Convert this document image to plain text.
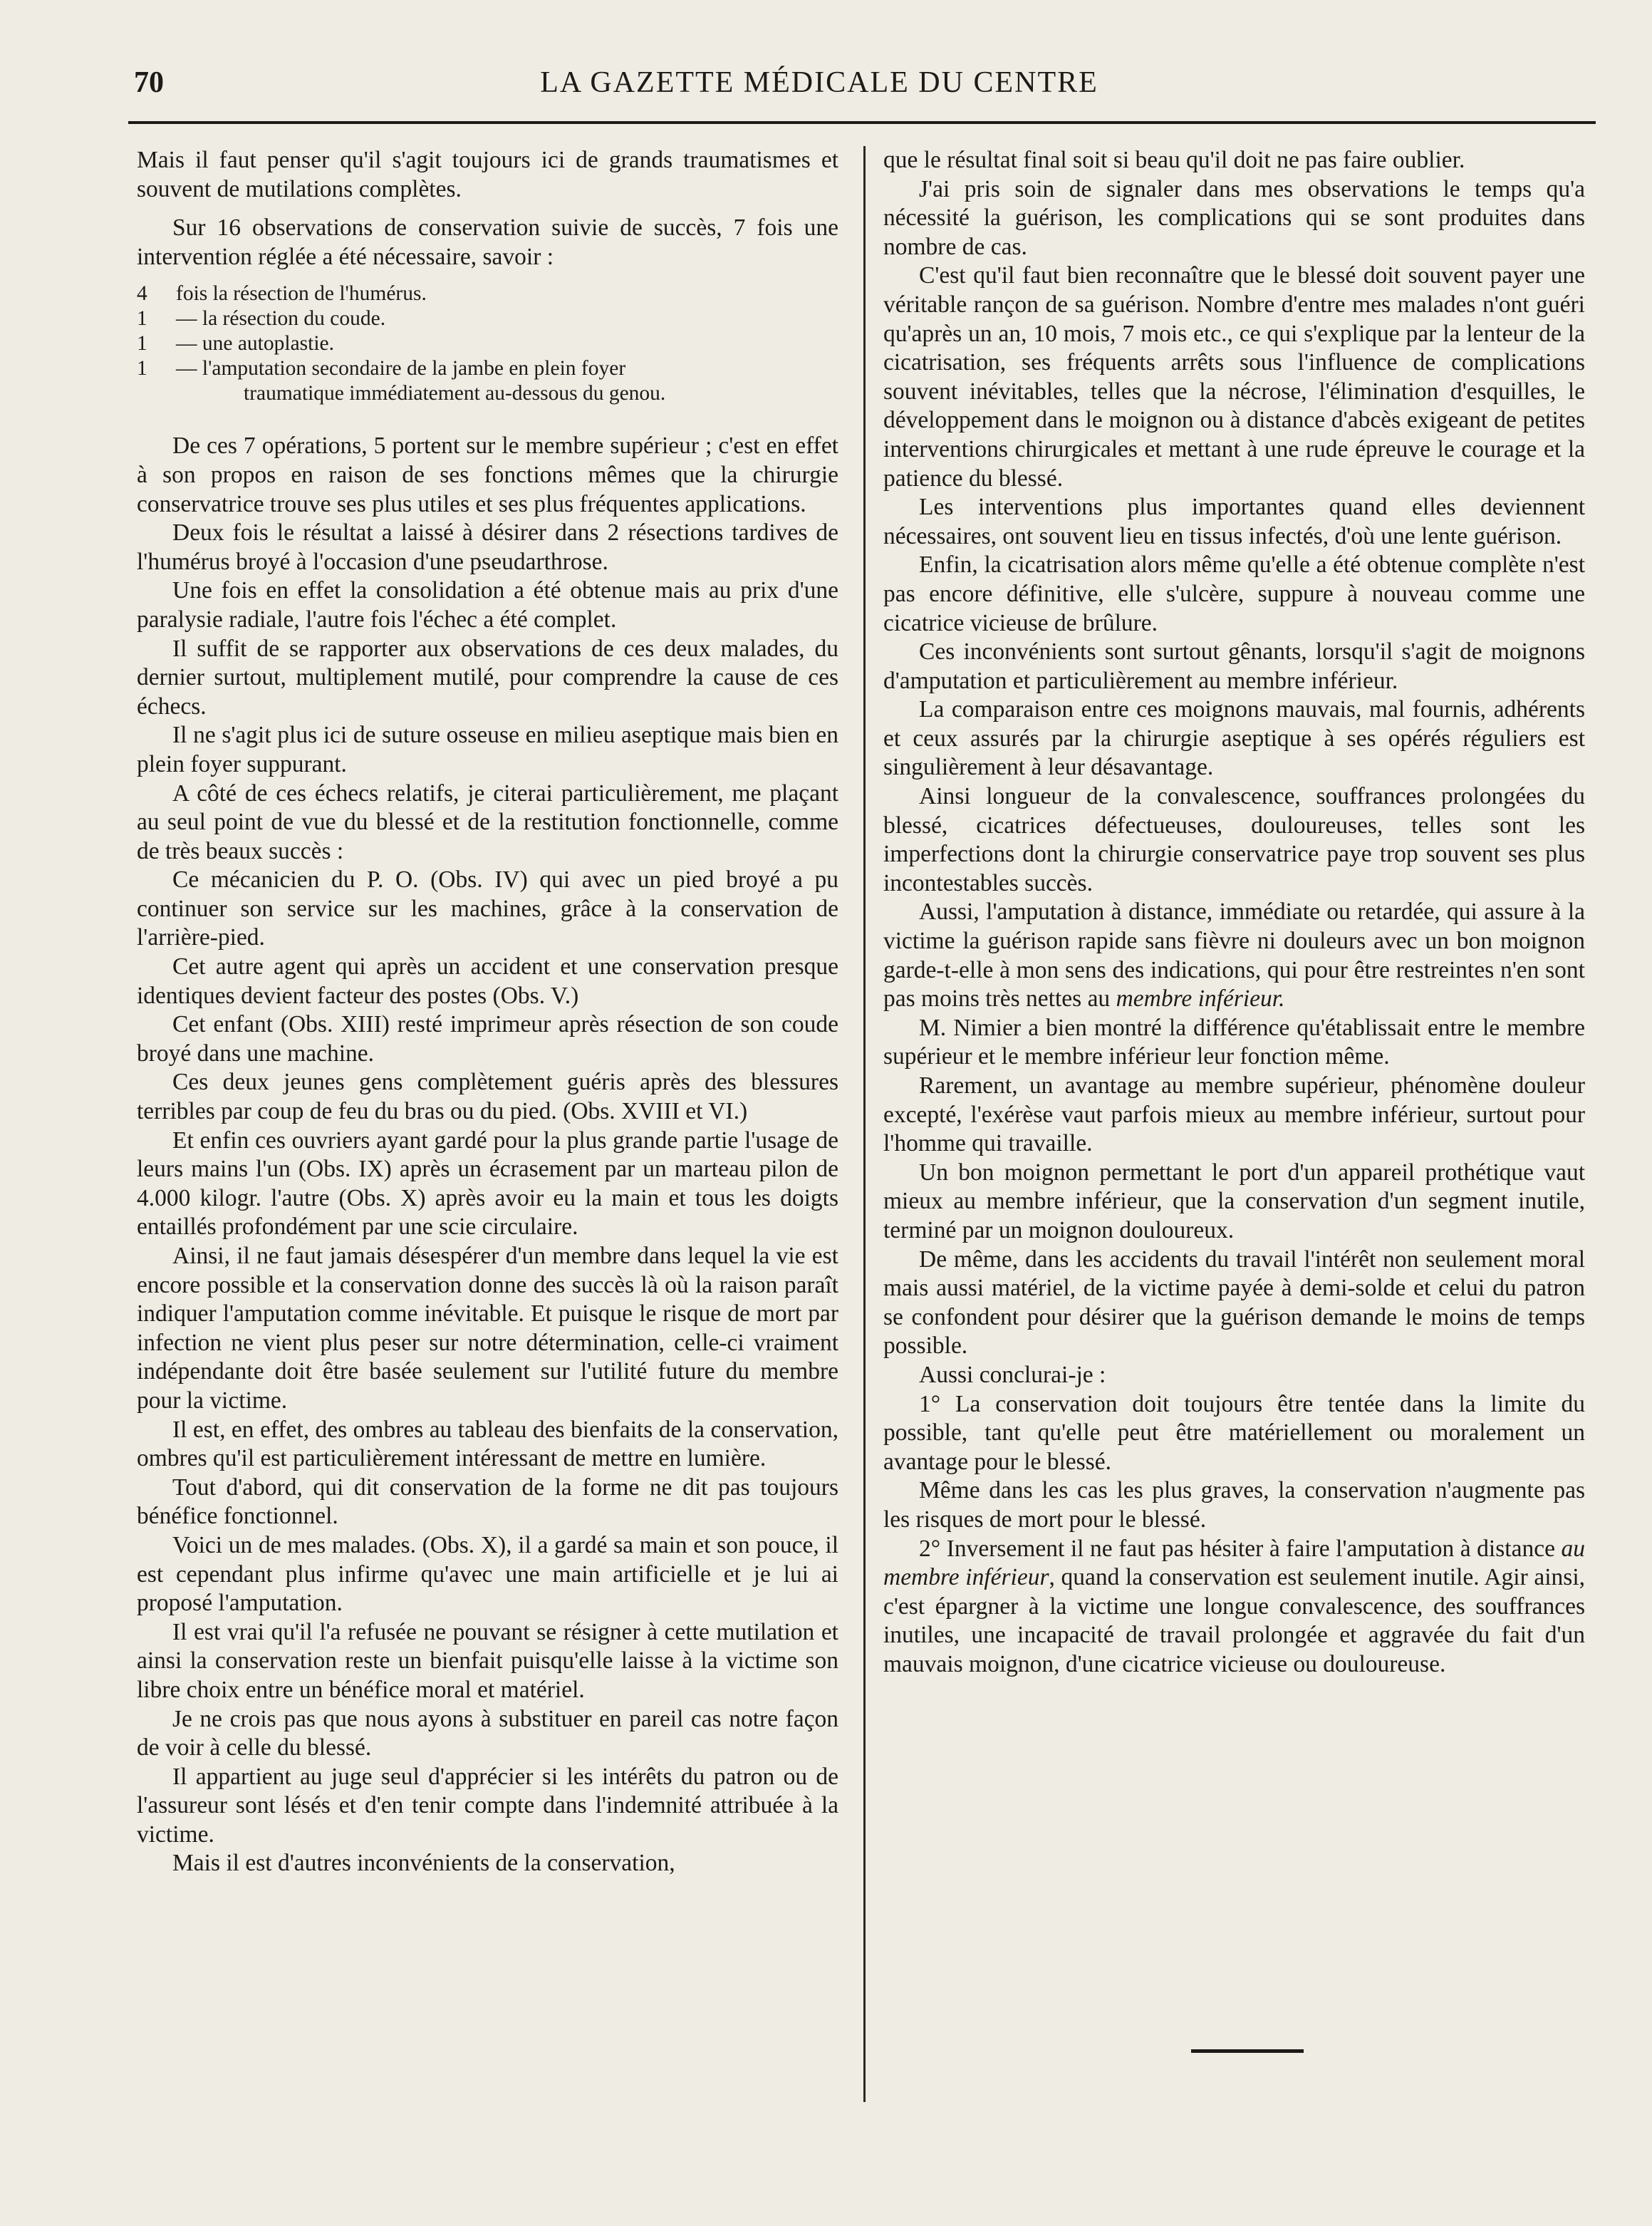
70	LA GAZETTE MÉDICALE DU CENTRE

Mais il faut penser qu'il s'agit toujours ici de grands traumatismes et souvent de mutilations complètes.

Sur 16 observations de conservation suivie de succès, 7 fois une intervention réglée a été nécessaire, savoir :

4	fois la résection de l'humérus.
1	— la résection du coude.
1	— une autoplastie.
1	— l'amputation secondaire de la jambe en plein foyer
traumatique immédiatement au-dessous du genou.

De ces 7 opérations, 5 portent sur le membre supérieur ; c'est en effet à son propos en raison de ses fonctions mêmes que la chirurgie conservatrice trouve ses plus utiles et ses plus fréquentes applications.

Deux fois le résultat a laissé à désirer dans 2 résections tardives de l'humérus broyé à l'occasion d'une pseudarthrose.

Une fois en effet la consolidation a été obtenue mais au prix d'une paralysie radiale, l'autre fois l'échec a été complet.

Il suffit de se rapporter aux observations de ces deux malades, du dernier surtout, multiplement mutilé, pour comprendre la cause de ces échecs.

Il ne s'agit plus ici de suture osseuse en milieu aseptique mais bien en plein foyer suppurant.

A côté de ces échecs relatifs, je citerai particulièrement, me plaçant au seul point de vue du blessé et de la restitution fonctionnelle, comme de très beaux succès :

Ce mécanicien du P. O. (Obs. IV) qui avec un pied broyé a pu continuer son service sur les machines, grâce à la conservation de l'arrière-pied.

Cet autre agent qui après un accident et une conservation presque identiques devient facteur des postes (Obs. V.)

Cet enfant (Obs. XIII) resté imprimeur après résection de son coude broyé dans une machine.

Ces deux jeunes gens complètement guéris après des blessures terribles par coup de feu du bras ou du pied. (Obs. XVIII et VI.)

Et enfin ces ouvriers ayant gardé pour la plus grande partie l'usage de leurs mains l'un (Obs. IX) après un écrasement par un marteau pilon de 4.000 kilogr. l'autre (Obs. X) après avoir eu la main et tous les doigts entaillés profondément par une scie circulaire.

Ainsi, il ne faut jamais désespérer d'un membre dans lequel la vie est encore possible et la conservation donne des succès là où la raison paraît indiquer l'amputation comme inévitable. Et puisque le risque de mort par infection ne vient plus peser sur notre détermination, celle-ci vraiment indépendante doit être basée seulement sur l'utilité future du membre pour la victime.

Il est, en effet, des ombres au tableau des bienfaits de la conservation, ombres qu'il est particulièrement intéressant de mettre en lumière.

Tout d'abord, qui dit conservation de la forme ne dit pas toujours bénéfice fonctionnel.

Voici un de mes malades. (Obs. X), il a gardé sa main et son pouce, il est cependant plus infirme qu'avec une main artificielle et je lui ai proposé l'amputation.

Il est vrai qu'il l'a refusée ne pouvant se résigner à cette mutilation et ainsi la conservation reste un bienfait puisqu'elle laisse à la victime son libre choix entre un bénéfice moral et matériel.

Je ne crois pas que nous ayons à substituer en pareil cas notre façon de voir à celle du blessé.

Il appartient au juge seul d'apprécier si les intérêts du patron ou de l'assureur sont lésés et d'en tenir compte dans l'indemnité attribuée à la victime.

Mais il est d'autres inconvénients de la conservation,

que le résultat final soit si beau qu'il doit ne pas faire oublier.

J'ai pris soin de signaler dans mes observations le temps qu'a nécessité la guérison, les complications qui se sont produites dans nombre de cas.

C'est qu'il faut bien reconnaître que le blessé doit souvent payer une véritable rançon de sa guérison. Nombre d'entre mes malades n'ont guéri qu'après un an, 10 mois, 7 mois etc., ce qui s'explique par la lenteur de la cicatrisation, ses fréquents arrêts sous l'influence de complications souvent inévitables, telles que la nécrose, l'élimination d'esquilles, le développement dans le moignon ou à distance d'abcès exigeant de petites interventions chirurgicales et mettant à une rude épreuve le courage et la patience du blessé.

Les interventions plus importantes quand elles deviennent nécessaires, ont souvent lieu en tissus infectés, d'où une lente guérison.

Enfin, la cicatrisation alors même qu'elle a été obtenue complète n'est pas encore définitive, elle s'ulcère, suppure à nouveau comme une cicatrice vicieuse de brûlure.

Ces inconvénients sont surtout gênants, lorsqu'il s'agit de moignons d'amputation et particulièrement au membre inférieur.

La comparaison entre ces moignons mauvais, mal fournis, adhérents et ceux assurés par la chirurgie aseptique à ses opérés réguliers est singulièrement à leur désavantage.

Ainsi longueur de la convalescence, souffrances prolongées du blessé, cicatrices défectueuses, douloureuses, telles sont les imperfections dont la chirurgie conservatrice paye trop souvent ses plus incontestables succès.

Aussi, l'amputation à distance, immédiate ou retardée, qui assure à la victime la guérison rapide sans fièvre ni douleurs avec un bon moignon garde-t-elle à mon sens des indications, qui pour être restreintes n'en sont pas moins très nettes au membre inférieur.

M. Nimier a bien montré la différence qu'établissait entre le membre supérieur et le membre inférieur leur fonction même.

Rarement, un avantage au membre supérieur, phénomène douleur excepté, l'exérèse vaut parfois mieux au membre inférieur, surtout pour l'homme qui travaille.

Un bon moignon permettant le port d'un appareil prothétique vaut mieux au membre inférieur, que la conservation d'un segment inutile, terminé par un moignon douloureux.

De même, dans les accidents du travail l'intérêt non seulement moral mais aussi matériel, de la victime payée à demi-solde et celui du patron se confondent pour désirer que la guérison demande le moins de temps possible.

Aussi conclurai-je :

1° La conservation doit toujours être tentée dans la limite du possible, tant qu'elle peut être matériellement ou moralement un avantage pour le blessé.

Même dans les cas les plus graves, la conservation n'augmente pas les risques de mort pour le blessé.

2° Inversement il ne faut pas hésiter à faire l'amputation à distance au membre inférieur, quand la conservation est seulement inutile. Agir ainsi, c'est épargner à la victime une longue convalescence, des souffrances inutiles, une incapacité de travail prolongée et aggravée du fait d'un mauvais moignon, d'une cicatrice vicieuse ou douloureuse.
